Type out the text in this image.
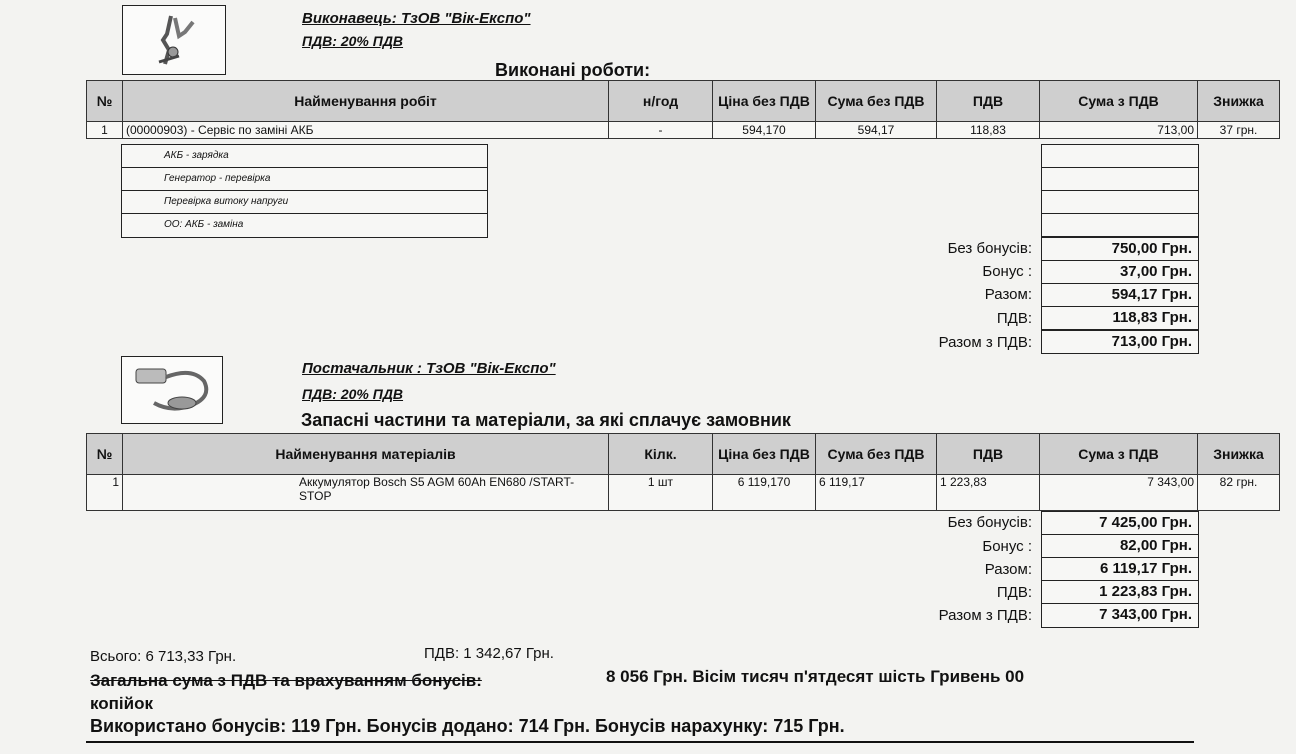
Виконавець: ТзОВ "Вік-Експо"
ПДВ: 20% ПДВ
Виконані роботи:
№	Найменування робіт	н/год	Ціна без ПДВ	Сума без ПДВ	ПДВ	Сума з ПДВ	Знижка
1	(00000903) - Сервіс по заміні АКБ	-	594,170	594,17	118,83	713,00	37 грн.
АКБ - зарядка
Генератор - перевірка
Перевірка витоку напруги
ОО: АКБ - заміна
Без бонусів:	750,00 Грн.
Бонус :	37,00 Грн.
Разом:	594,17 Грн.
ПДВ:	118,83 Грн.
Разом з ПДВ:	713,00 Грн.
Постачальник : ТзОВ "Вік-Експо"
ПДВ: 20% ПДВ
Запасні частини та матеріали, за які сплачує замовник
№	Найменування матеріалів	Кілк.	Ціна без ПДВ	Сума без ПДВ	ПДВ	Сума з ПДВ	Знижка
1	Аккумулятор Bosch S5 AGM 60Ah EN680 /START-STOP	1 шт	6 119,170	6 119,17	1 223,83	7 343,00	82 грн.
Без бонусів:	7 425,00 Грн.
Бонус :	82,00 Грн.
Разом:	6 119,17 Грн.
ПДВ:	1 223,83 Грн.
Разом з ПДВ:	7 343,00 Грн.
Всього: 6 713,33 Грн.	ПДВ: 1 342,67 Грн.
Загальна сума з ПДВ та врахуванням бонусів:	8 056 Грн. Вісім тисяч п'ятдесят шість Гривень 00
копійок
Використано бонусів: 119 Грн. Бонусів додано: 714 Грн. Бонусів нарахунку: 715 Грн.
